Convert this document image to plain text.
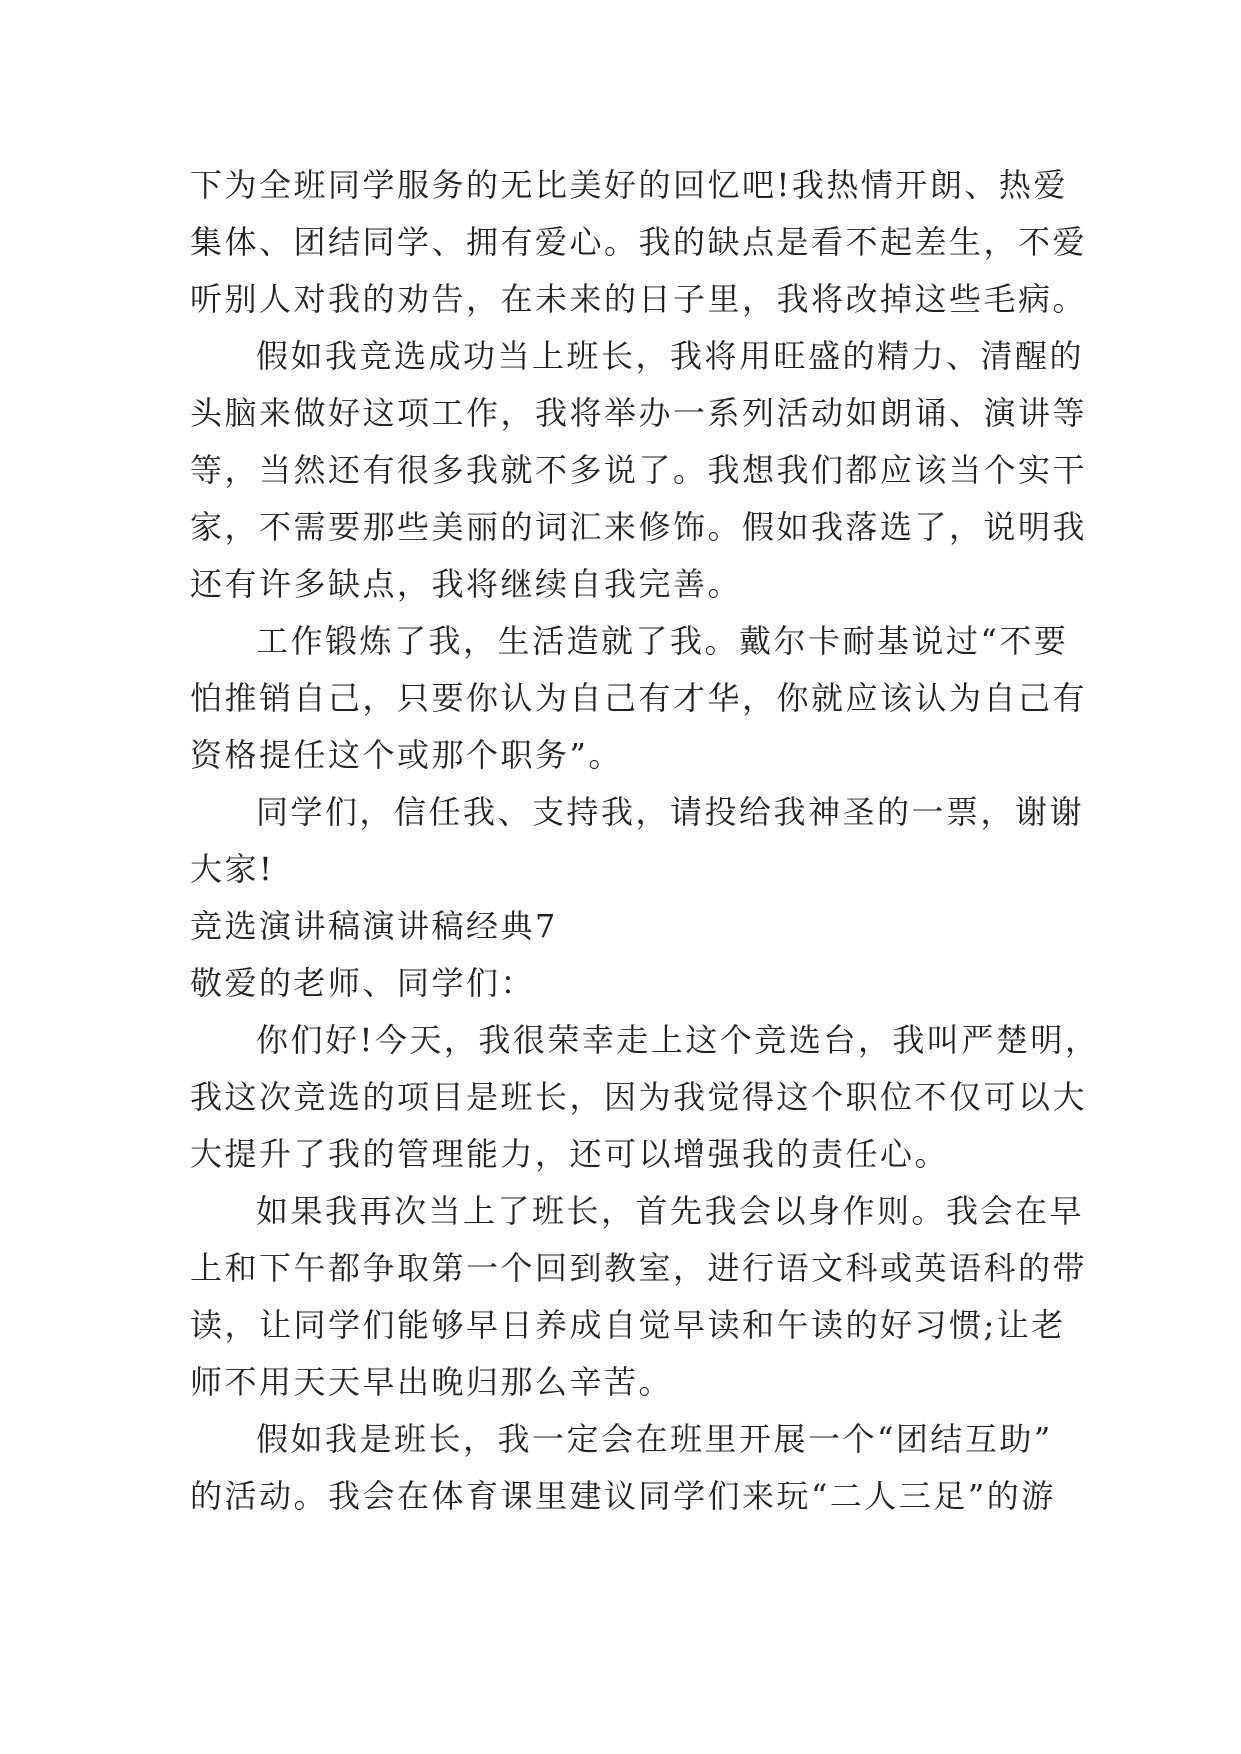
下为全班同学服务的无比美好的回忆吧!我热情开朗、热爱
集体、团结同学、拥有爱心。我的缺点是看不起差生，不爱
听别人对我的劝告，在未来的日子里，我将改掉这些毛病。
假如我竞选成功当上班长，我将用旺盛的精力、清醒的
头脑来做好这项工作，我将举办一系列活动如朗诵、演讲等
等，当然还有很多我就不多说了。我想我们都应该当个实干
家，不需要那些美丽的词汇来修饰。假如我落选了，说明我
还有许多缺点，我将继续自我完善。
工作锻炼了我，生活造就了我。戴尔卡耐基说过“不要
怕推销自己，只要你认为自己有才华，你就应该认为自己有
资格提任这个或那个职务”。
同学们，信任我、支持我，请投给我神圣的一票，谢谢
大家!
竞选演讲稿演讲稿经典7
敬爱的老师、同学们：
你们好!今天，我很荣幸走上这个竞选台，我叫严楚明，
我这次竞选的项目是班长，因为我觉得这个职位不仅可以大
大提升了我的管理能力，还可以增强我的责任心。
如果我再次当上了班长，首先我会以身作则。我会在早
上和下午都争取第一个回到教室，进行语文科或英语科的带
读，让同学们能够早日养成自觉早读和午读的好习惯;让老
师不用天天早出晚归那么辛苦。
假如我是班长，我一定会在班里开展一个“团结互助”
的活动。我会在体育课里建议同学们来玩“二人三足”的游
